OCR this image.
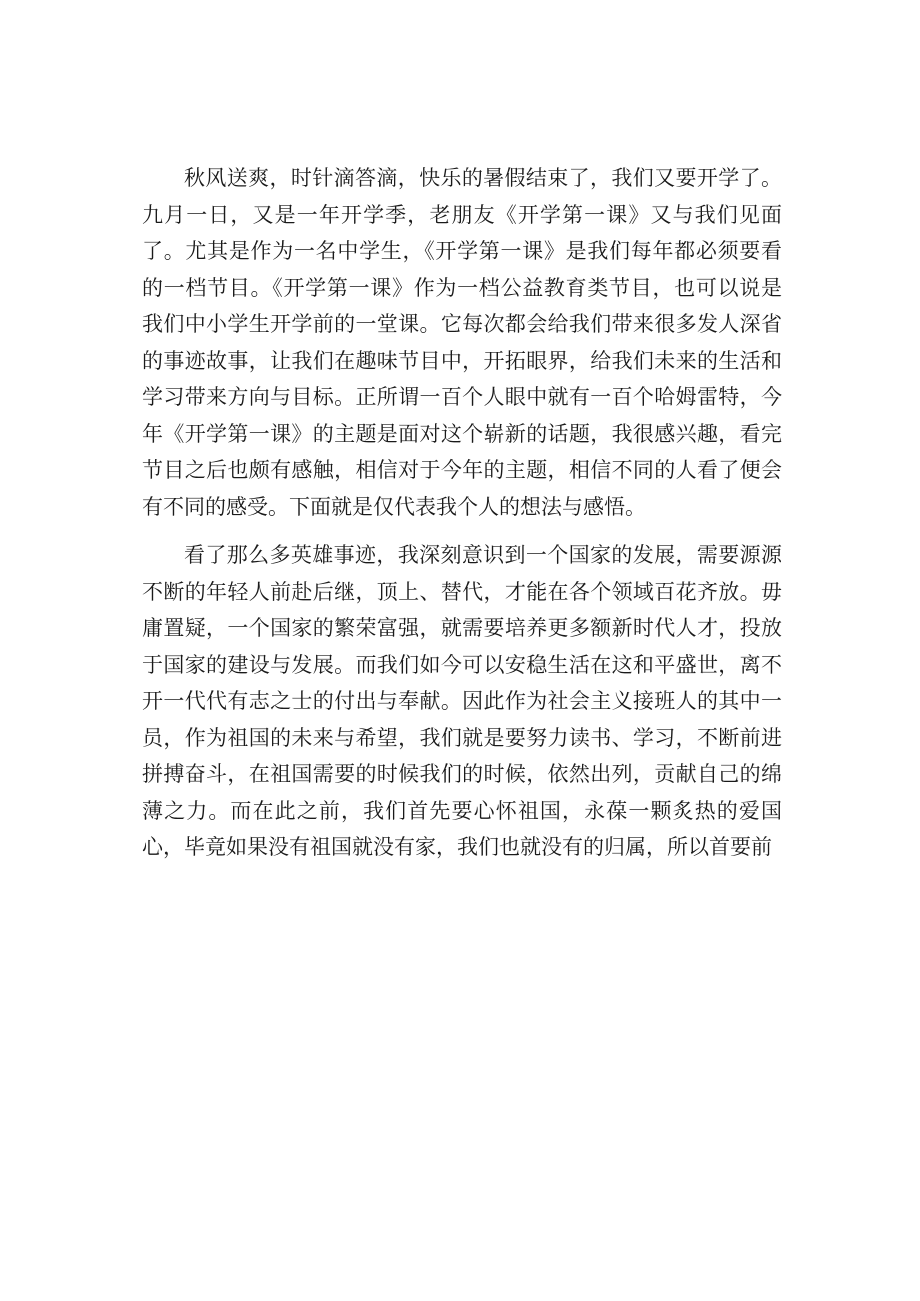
秋风送爽，时针滴答滴，快乐的暑假结束了，我们又要开学了。九月一日，又是一年开学季，老朋友《开学第一课》又与我们见面了。尤其是作为一名中学生，《开学第一课》是我们每年都必须要看的一档节目。《开学第一课》作为一档公益教育类节目，也可以说是我们中小学生开学前的一堂课。它每次都会给我们带来很多发人深省的事迹故事，让我们在趣味节目中，开拓眼界，给我们未来的生活和学习带来方向与目标。正所谓一百个人眼中就有一百个哈姆雷特，今年《开学第一课》的主题是面对这个崭新的话题，我很感兴趣，看完节目之后也颇有感触，相信对于今年的主题，相信不同的人看了便会有不同的感受。下面就是仅代表我个人的想法与感悟。

看了那么多英雄事迹，我深刻意识到一个国家的发展，需要源源不断的年轻人前赴后继，顶上、替代，才能在各个领域百花齐放。毋庸置疑，一个国家的繁荣富强，就需要培养更多额新时代人才，投放于国家的建设与发展。而我们如今可以安稳生活在这和平盛世，离不开一代代有志之士的付出与奉献。因此作为社会主义接班人的其中一员，作为祖国的未来与希望，我们就是要努力读书、学习，不断前进拼搏奋斗，在祖国需要的时候我们的时候，依然出列，贡献自己的绵薄之力。而在此之前，我们首先要心怀祖国，永葆一颗炙热的爱国心，毕竟如果没有祖国就没有家，我们也就没有的归属，所以首要前
